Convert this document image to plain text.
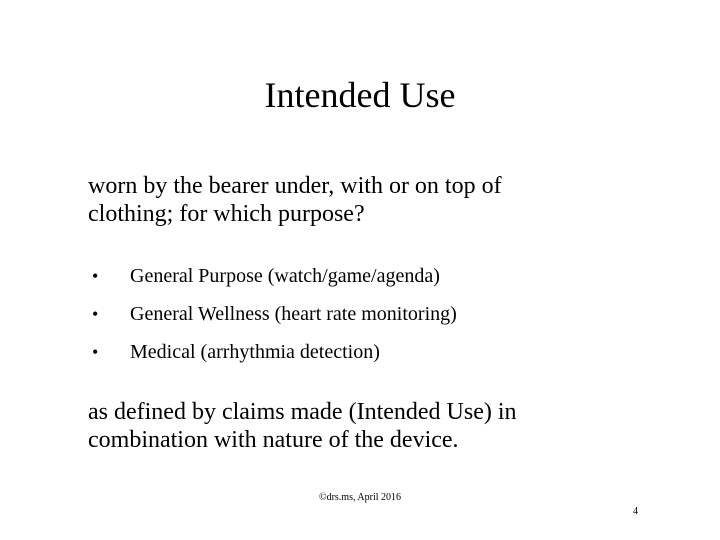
Intended Use
worn by the bearer under, with or on top of
clothing; for which purpose?
• General Purpose (watch/game/agenda)
• General Wellness (heart rate monitoring)
• Medical (arrhythmia detection)
as defined by claims made (Intended Use) in
combination with nature of the device.
©drs.ms, April 2016
4
